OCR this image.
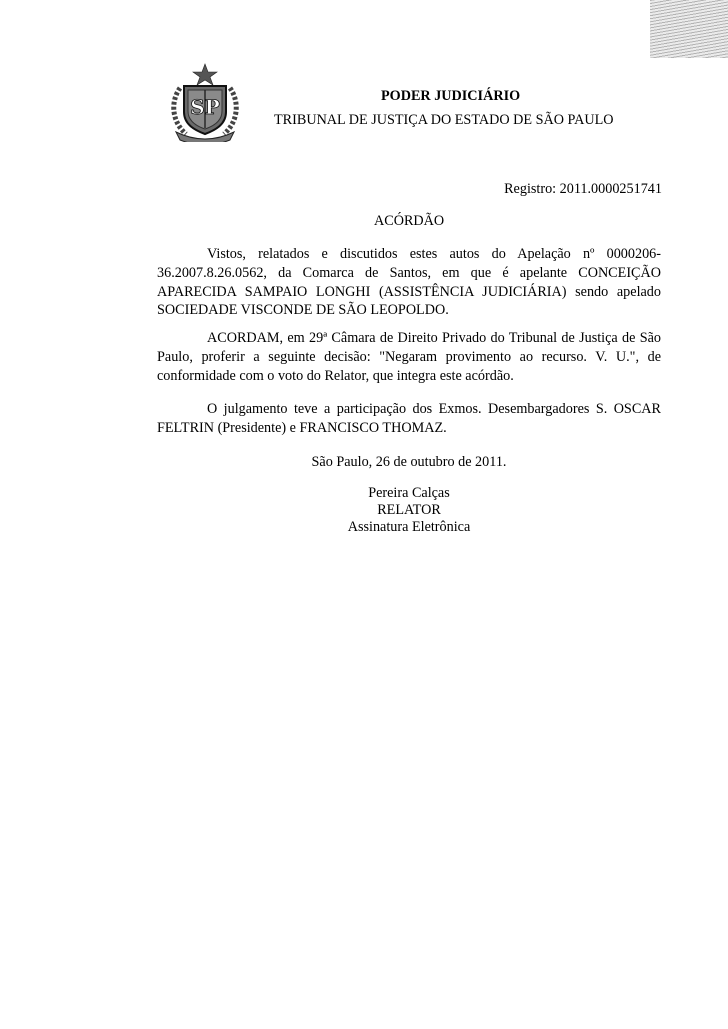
SP	PODER JUDICIÁRIO
TRIBUNAL DE JUSTIÇA DO ESTADO DE SÃO PAULO
Registro: 2011.0000251741
ACÓRDÃO
Vistos, relatados e discutidos estes autos do Apelação nº 0000206-36.2007.8.26.0562, da Comarca de Santos, em que é apelante CONCEIÇÃO APARECIDA SAMPAIO LONGHI (ASSISTÊNCIA JUDICIÁRIA) sendo apelado SOCIEDADE VISCONDE DE SÃO LEOPOLDO.
ACORDAM, em 29ª Câmara de Direito Privado do Tribunal de Justiça de São Paulo, proferir a seguinte decisão: "Negaram provimento ao recurso. V. U.", de conformidade com o voto do Relator, que integra este acórdão.
O julgamento teve a participação dos Exmos. Desembargadores S. OSCAR FELTRIN (Presidente) e FRANCISCO THOMAZ.
São Paulo, 26 de outubro de 2011.
Pereira Calças
RELATOR
Assinatura Eletrônica
